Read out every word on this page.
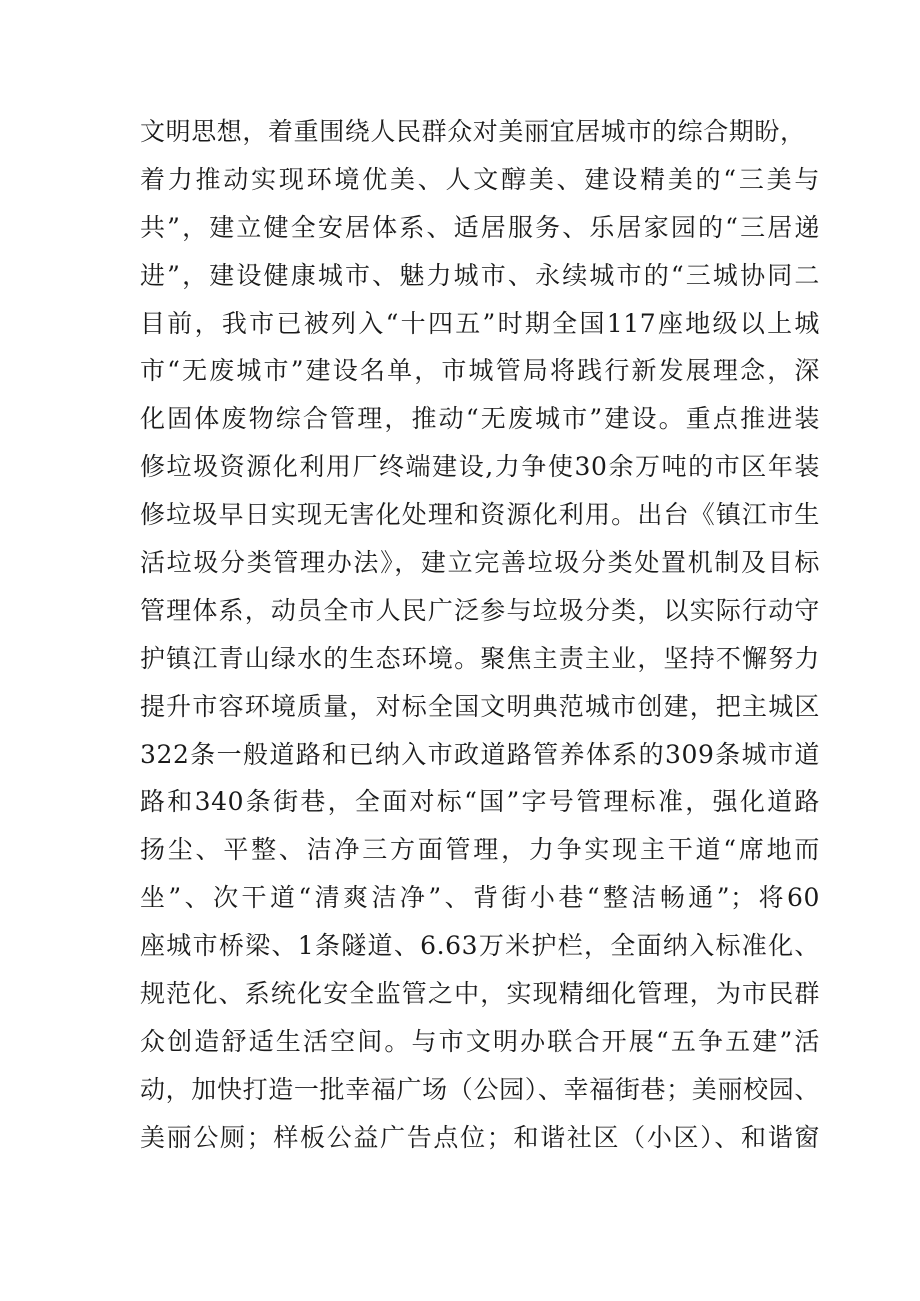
文明思想，着重围绕人民群众对美丽宜居城市的综合期盼，
着力推动实现环境优美、人文醇美、建设精美的“三美与
共”，建立健全安居体系、适居服务、乐居家园的“三居递
进”，建设健康城市、魅力城市、永续城市的“三城协同二
目前，我市已被列入“十四五”时期全国117座地级以上城
市“无废城市”建设名单，市城管局将践行新发展理念，深
化固体废物综合管理，推动“无废城市”建设。重点推进装
修垃圾资源化利用厂终端建设,力争使30余万吨的市区年装
修垃圾早日实现无害化处理和资源化利用。出台《镇江市生
活垃圾分类管理办法》，建立完善垃圾分类处置机制及目标
管理体系，动员全市人民广泛参与垃圾分类，以实际行动守
护镇江青山绿水的生态环境。聚焦主责主业，坚持不懈努力
提升市容环境质量，对标全国文明典范城市创建，把主城区
322条一般道路和已纳入市政道路管养体系的309条城市道
路和340条街巷，全面对标“国”字号管理标准，强化道路
扬尘、平整、洁净三方面管理，力争实现主干道“席地而
坐”、次干道“清爽洁净”、背街小巷“整洁畅通”；将60
座城市桥梁、1条隧道、6.63万米护栏，全面纳入标准化、
规范化、系统化安全监管之中，实现精细化管理，为市民群
众创造舒适生活空间。与市文明办联合开展“五争五建”活
动，加快打造一批幸福广场（公园）、幸福街巷；美丽校园、
美丽公厕；样板公益广告点位；和谐社区（小区）、和谐窗
